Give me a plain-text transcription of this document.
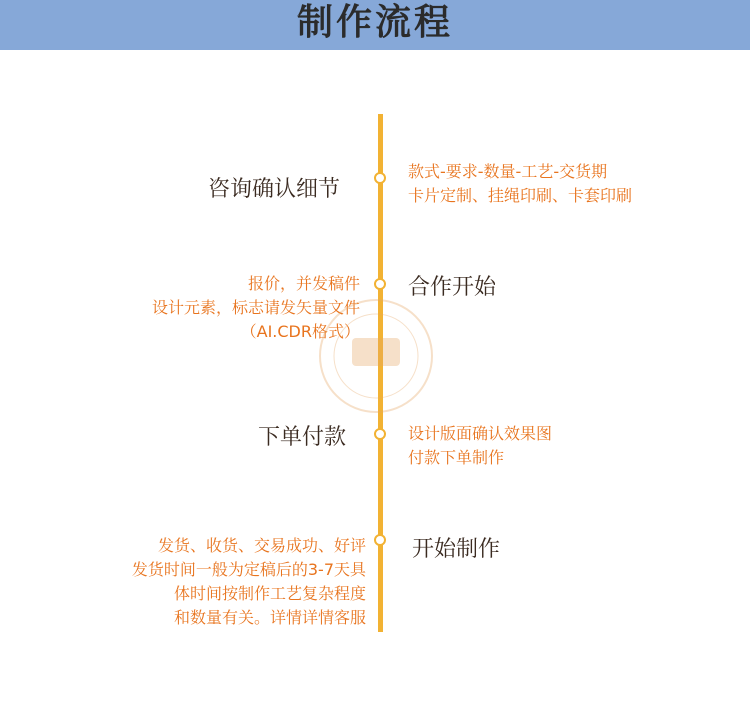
制作流程
咨询确认细节
款式-要求-数量-工艺-交货期
卡片定制、挂绳印刷、卡套印刷
合作开始
报价，并发稿件
设计元素，标志请发矢量文件
（AI.CDR格式）
下单付款	设计版面确认效果图
付款下单制作
开始制作
发货、收货、交易成功、好评
发货时间一般为定稿后的3-7天具
体时间按制作工艺复杂程度
和数量有关。详情详情客服
